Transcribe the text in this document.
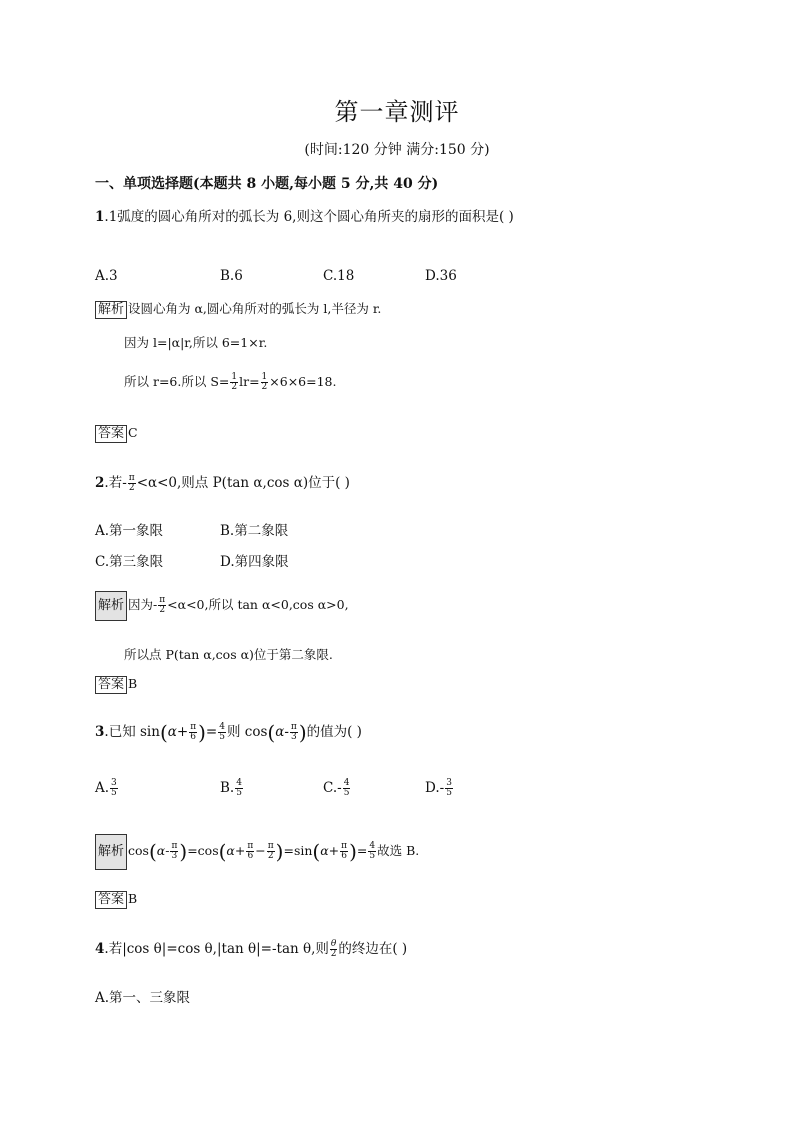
第一章测评
(时间:120 分钟 满分:150 分)
一、单项选择题(本题共 8 小题,每小题 5 分,共 40 分)
1.1弧度的圆心角所对的弧长为 6,则这个圆心角所夹的扇形的面积是( )
A.3	B.6	C.18	D.36
解析 设圆心角为 α,圆心角所对的弧长为 l,半径为 r.
因为 l=|α|r,所以 6=1×r.
所以 r=6.所以 $S= \frac{1}{2} lr= \frac{1}{2} \times 6\times 6=18$.
答案 C
2.若- $\frac{\pi}{2} <\alpha<0$,则点 P(tan α,cos α)位于( )
A.第一象限	B.第二象限
C.第三象限	D.第四象限
解析 因为- $\frac{\pi}{2} <\alpha<0$,所以 tan α<0,cos α>0,
所以点 P(tan α,cos α)位于第二象限.
答案 B
3.已知 $\sin(\alpha+ \frac{\pi}{6}$ )= $\frac{4}{5}$ 则 $\cos(\alpha- \frac{\pi}{3}$ )的值为( )
A. $\frac{3}{5}$	B. $\frac{4}{5}$	$C.- \frac{4}{5}$	$D.- \frac{3}{5}$
解析 $\cos(\alpha- \frac{\pi}{3} )=\cos(\alpha+ \frac{\pi}{6} - \frac{\pi}{2} )=\sin(\alpha+ \frac{\pi}{6}$ )= $\frac{4}{5}$ 故选 B.
答案 B
4.若|cos θ|=cos θ,|tan θ|=-tan θ,则 $\frac{\theta}{2}$ 的终边在( )
A.第一、三象限
